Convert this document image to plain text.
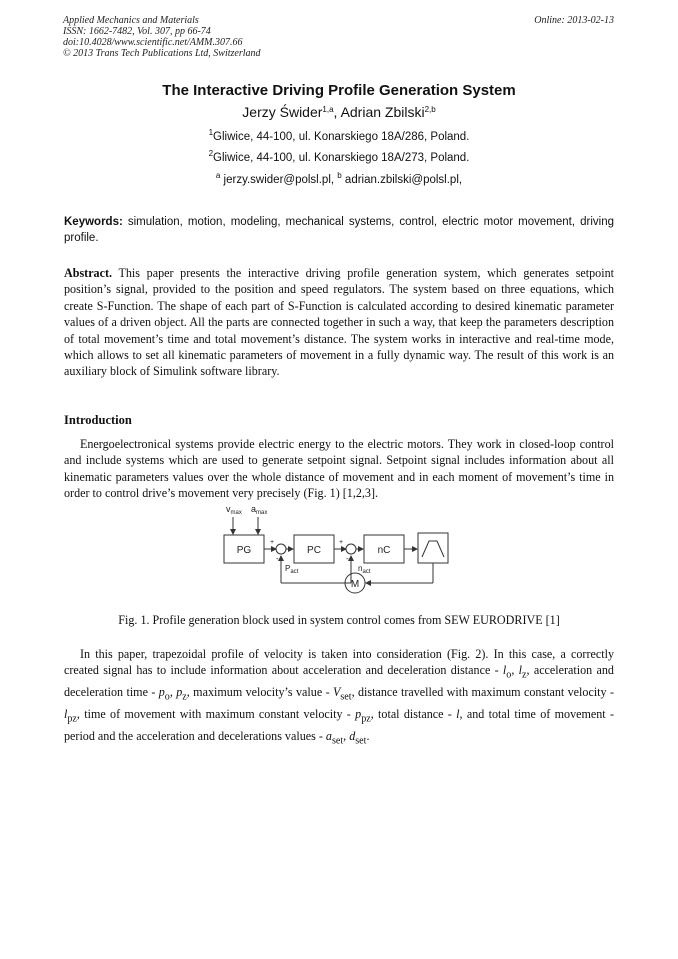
Applied Mechanics and Materials
ISSN: 1662-7482, Vol. 307, pp 66-74
doi:10.4028/www.scientific.net/AMM.307.66
© 2013 Trans Tech Publications Ltd, Switzerland
Online: 2013-02-13
The Interactive Driving Profile Generation System
Jerzy Świder$^{1,a}$, Adrian Zbilski$^{2,b}$
$^1$Gliwice, 44-100, ul. Konarskiego 18A/286, Poland.
$^2$Gliwice, 44-100, ul. Konarskiego 18A/273, Poland.
$^a$ jerzy.swider@polsl.pl, $^b$ adrian.zbilski@polsl.pl,
Keywords: simulation, motion, modeling, mechanical systems, control, electric motor movement, driving profile.
Abstract. This paper presents the interactive driving profile generation system, which generates setpoint position’s signal, provided to the position and speed regulators. The system based on three equations, which create S-Function. The shape of each part of S-Function is calculated according to desired kinematic parameter values of a driven object. All the parts are connected together in such a way, that keep the parameters description of total movement’s time and total movement’s distance. The system works in interactive and real-time mode, which allows to set all kinematic parameters of movement in a fully dynamic way. The result of this work is an auxiliary block of Simulink software library.
Introduction
Energoelectronical systems provide electric energy to the electric motors. They work in closed-loop control and include systems which are used to generate setpoint signal. Setpoint signal includes information about all kinematic parameters values over the whole distance of movement and in each moment of movement’s time in order to control drive’s movement very precisely (Fig. 1) [1,2,3].
$v_{max}$ $a_{max}$
PG
+
-
PC
+
-
nC
M
$n_{act}$
$P_{act}$
Fig. 1. Profile generation block used in system control comes from SEW EURODRIVE [1]
In this paper, trapezoidal profile of velocity is taken into consideration (Fig. 2). In this case, a correctly created signal has to include information about acceleration and deceleration distance - $l_o$, $l_z$, acceleration and deceleration time - $p_o$, $p_z$, maximum velocity’s value - $V_{set}$, distance travelled with maximum constant velocity - $l_{pz}$, time of movement with maximum constant velocity - $p_{pz}$, total distance - l, and total time of movement - period and the acceleration and decelerations values - $a_{set}$, $d_{set}$.
